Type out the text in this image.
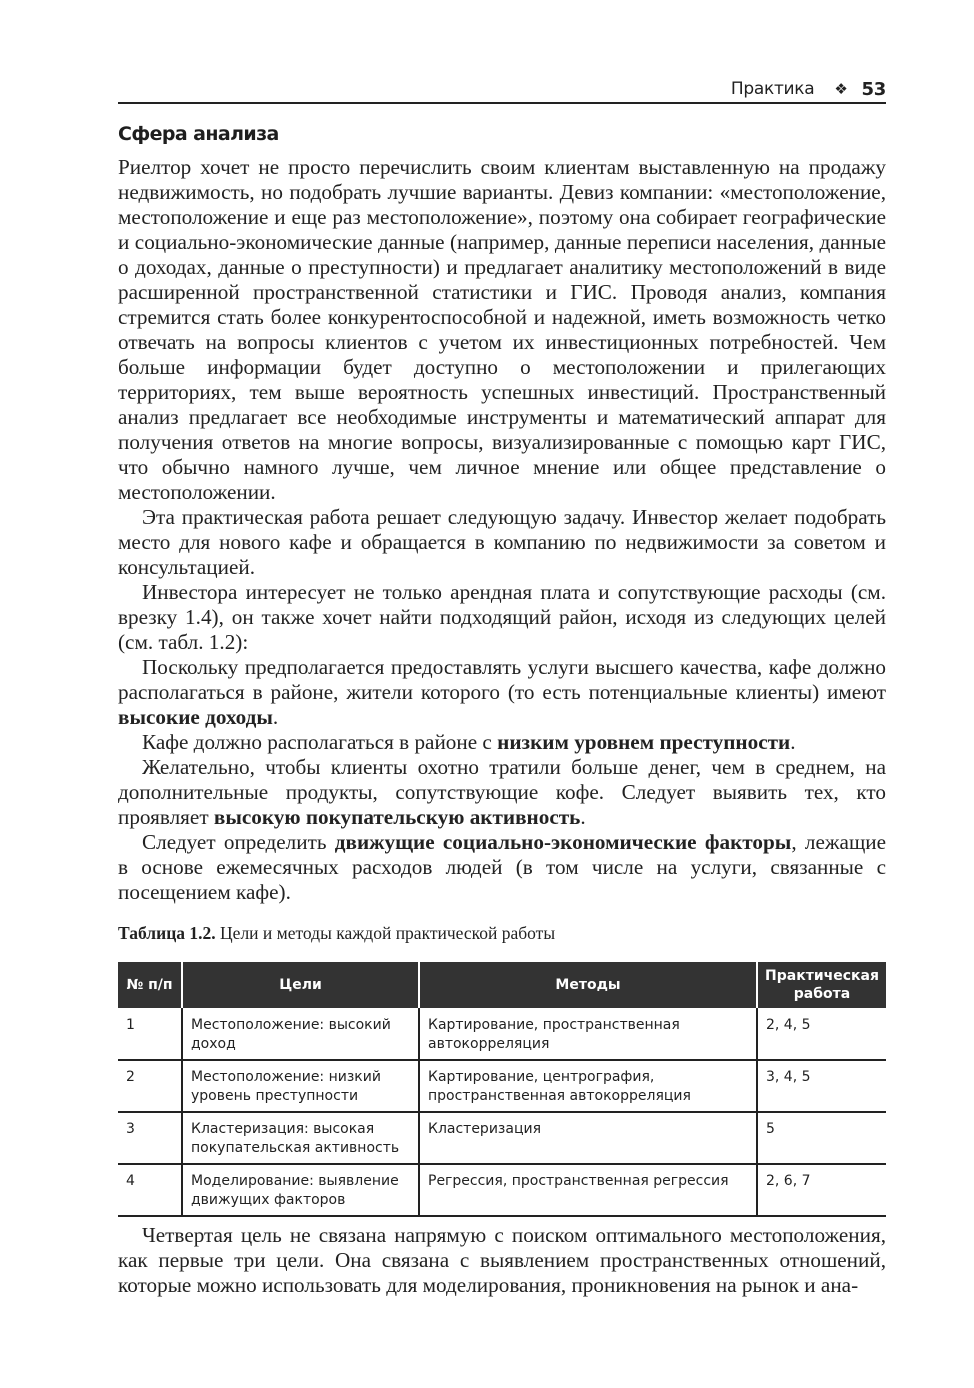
Практика ❖ 53
Сфера анализа

Риелтор хочет не просто перечислить своим клиентам выставленную на продажу недвижимость, но подобрать лучшие варианты. Девиз компании: «местоположение, местоположение и еще раз местоположение», поэтому она собирает географические и социально-экономические данные (например, данные переписи населения, данные о доходах, данные о преступности) и предлагает аналитику местоположений в виде расширенной пространственной статистики и ГИС. Проводя анализ, компания стремится стать более конкурентоспособной и надежной, иметь возможность четко отвечать на вопросы клиентов с учетом их инвестиционных потребностей. Чем больше информации будет доступно о местоположении и прилегающих территориях, тем выше вероятность успешных инвестиций. Пространственный анализ предлагает все необходимые инструменты и математический аппарат для получения ответов на многие вопросы, визуализированные с помощью карт ГИС, что обычно намного лучше, чем личное мнение или общее представление о местоположении.

Эта практическая работа решает следующую задачу. Инвестор желает подобрать место для нового кафе и обращается в компанию по недвижимости за советом и консультацией.

Инвестора интересует не только арендная плата и сопутствующие расходы (см. врезку 1.4), он также хочет найти подходящий район, исходя из следующих целей (см. табл. 1.2):

Поскольку предполагается предоставлять услуги высшего качества, кафе должно располагаться в районе, жители которого (то есть потенциальные клиенты) имеют высокие доходы.

Кафе должно располагаться в районе с низким уровнем преступности.

Желательно, чтобы клиенты охотно тратили больше денег, чем в среднем, на дополнительные продукты, сопутствующие кофе. Следует выявить тех, кто проявляет высокую покупательскую активность.

Следует определить движущие социально-экономические факторы, лежащие в основе ежемесячных расходов людей (в том числе на услуги, связанные с посещением кафе).

Таблица 1.2. Цели и методы каждой практической работы
№ п/п	Цели	Методы	Практическая работа
1	Местоположение: высокий доход	Картирование, пространственная автокорреляция	2, 4, 5
2	Местоположение: низкий уровень преступности	Картирование, центрография, пространственная автокорреляция	3, 4, 5
3	Кластеризация: высокая покупательская активность	Кластеризация	5
4	Моделирование: выявление движущих факторов	Регрессия, пространственная регрессия	2, 6, 7

Четвертая цель не связана напрямую с поиском оптимального местоположения, как первые три цели. Она связана с выявлением пространственных отношений, которые можно использовать для моделирования, проникновения на рынок и ана-
